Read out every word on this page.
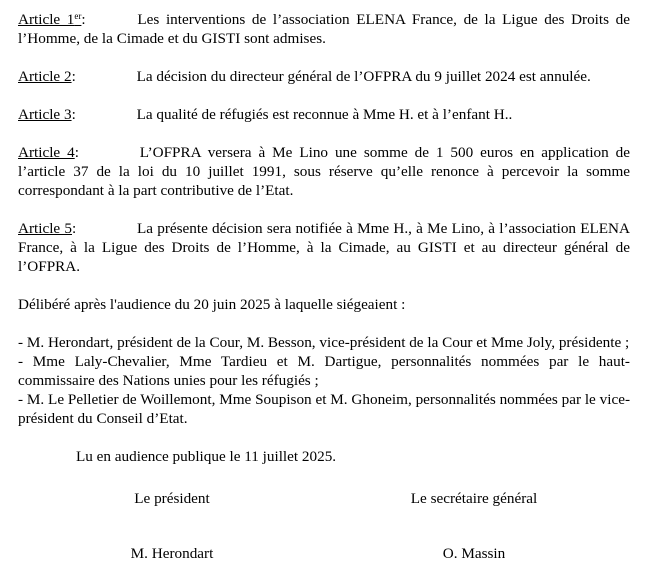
Article 1er:	Les interventions de l’association ELENA France, de la Ligue des Droits de l’Homme, de la Cimade et du GISTI sont admises.

Article 2:	La décision du directeur général de l’OFPRA du 9 juillet 2024 est annulée.

Article 3:	La qualité de réfugiés est reconnue à Mme H. et à l’enfant H..

Article 4:	L’OFPRA versera à Me Lino une somme de 1 500 euros en application de l’article 37 de la loi du 10 juillet 1991, sous réserve qu’elle renonce à percevoir la somme correspondant à la part contributive de l’Etat.

Article 5:	La présente décision sera notifiée à Mme H., à Me Lino, à l’association ELENA France, à la Ligue des Droits de l’Homme, à la Cimade, au GISTI et au directeur général de l’OFPRA.

Délibéré après l'audience du 20 juin 2025 à laquelle siégeaient :

- M. Herondart, président de la Cour, M. Besson, vice-président de la Cour et Mme Joly, présidente ;

- Mme Laly-Chevalier, Mme Tardieu et M. Dartigue, personnalités nommées par le haut-commissaire des Nations unies pour les réfugiés ;

- M. Le Pelletier de Woillemont, Mme Soupison et M. Ghoneim, personnalités nommées par le vice-président du Conseil d’Etat.

Lu en audience publique le 11 juillet 2025.

Le président	Le secrétaire général
M. Herondart	O. Massin
